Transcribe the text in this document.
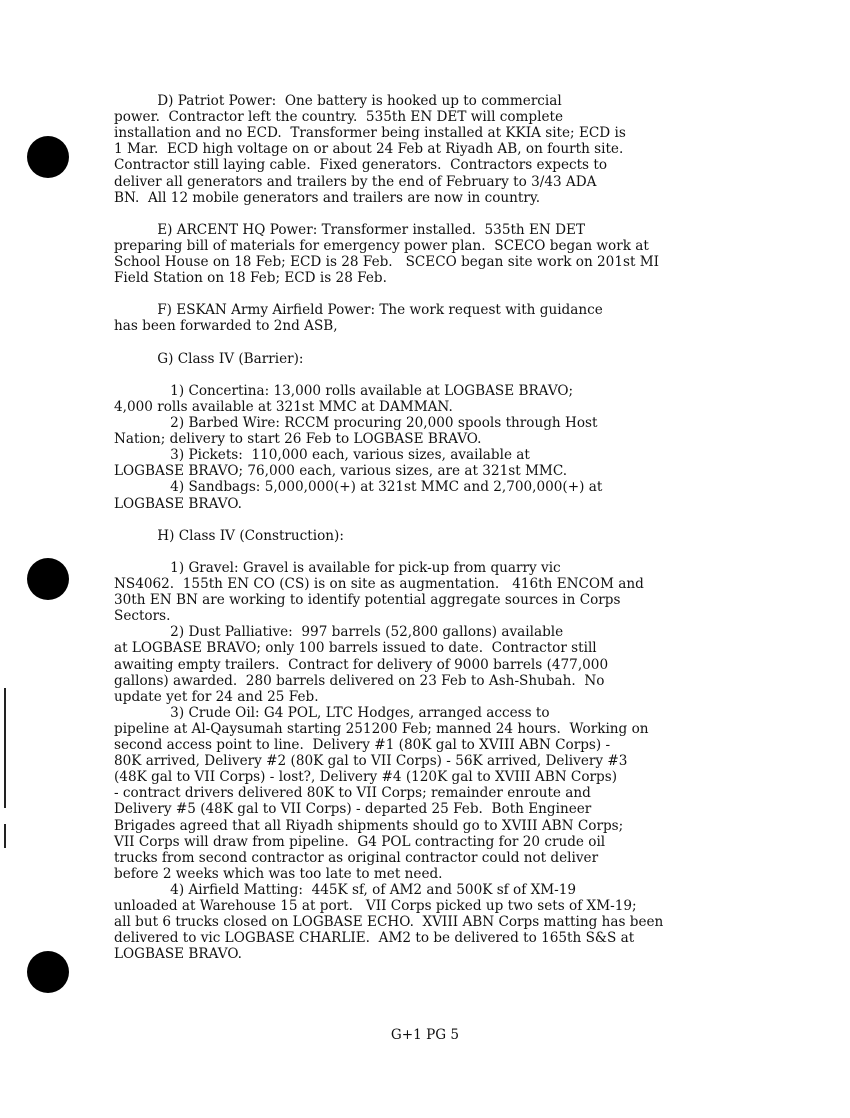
D) Patriot Power:  One battery is hooked up to commercial

power.  Contractor left the country.  535th EN DET will complete

installation and no ECD.  Transformer being installed at KKIA site; ECD is

1 Mar.  ECD high voltage on or about 24 Feb at Riyadh AB, on fourth site.

Contractor still laying cable.  Fixed generators.  Contractors expects to

deliver all generators and trailers by the end of February to 3/43 ADA

BN.  All 12 mobile generators and trailers are now in country.

E) ARCENT HQ Power: Transformer installed.  535th EN DET

preparing bill of materials for emergency power plan.  SCECO began work at

School House on 18 Feb; ECD is 28 Feb.   SCECO began site work on 201st MI

Field Station on 18 Feb; ECD is 28 Feb.

F) ESKAN Army Airfield Power: The work request with guidance

has been forwarded to 2nd ASB,

G) Class IV (Barrier):

1) Concertina: 13,000 rolls available at LOGBASE BRAVO;

4,000 rolls available at 321st MMC at DAMMAN.

2) Barbed Wire: RCCM procuring 20,000 spools through Host

Nation; delivery to start 26 Feb to LOGBASE BRAVO.

3) Pickets:  110,000 each, various sizes, available at

LOGBASE BRAVO; 76,000 each, various sizes, are at 321st MMC.

4) Sandbags: 5,000,000(+) at 321st MMC and 2,700,000(+) at

LOGBASE BRAVO.

H) Class IV (Construction):

1) Gravel: Gravel is available for pick-up from quarry vic

NS4062.  155th EN CO (CS) is on site as augmentation.   416th ENCOM and

30th EN BN are working to identify potential aggregate sources in Corps

Sectors.

2) Dust Palliative:  997 barrels (52,800 gallons) available

at LOGBASE BRAVO; only 100 barrels issued to date.  Contractor still

awaiting empty trailers.  Contract for delivery of 9000 barrels (477,000

gallons) awarded.  280 barrels delivered on 23 Feb to Ash-Shubah.  No

update yet for 24 and 25 Feb.

3) Crude Oil: G4 POL, LTC Hodges, arranged access to

pipeline at Al-Qaysumah starting 251200 Feb; manned 24 hours.  Working on

second access point to line.  Delivery #1 (80K gal to XVIII ABN Corps) -

80K arrived, Delivery #2 (80K gal to VII Corps) - 56K arrived, Delivery #3

(48K gal to VII Corps) - lost?, Delivery #4 (120K gal to XVIII ABN Corps)

- contract drivers delivered 80K to VII Corps; remainder enroute and

Delivery #5 (48K gal to VII Corps) - departed 25 Feb.  Both Engineer

Brigades agreed that all Riyadh shipments should go to XVIII ABN Corps;

VII Corps will draw from pipeline.  G4 POL contracting for 20 crude oil

trucks from second contractor as original contractor could not deliver

before 2 weeks which was too late to met need.

4) Airfield Matting:  445K sf, of AM2 and 500K sf of XM-19

unloaded at Warehouse 15 at port.   VII Corps picked up two sets of XM-19;

all but 6 trucks closed on LOGBASE ECHO.  XVIII ABN Corps matting has been

delivered to vic LOGBASE CHARLIE.  AM2 to be delivered to 165th S&S at

LOGBASE BRAVO.

G+1 PG 5
